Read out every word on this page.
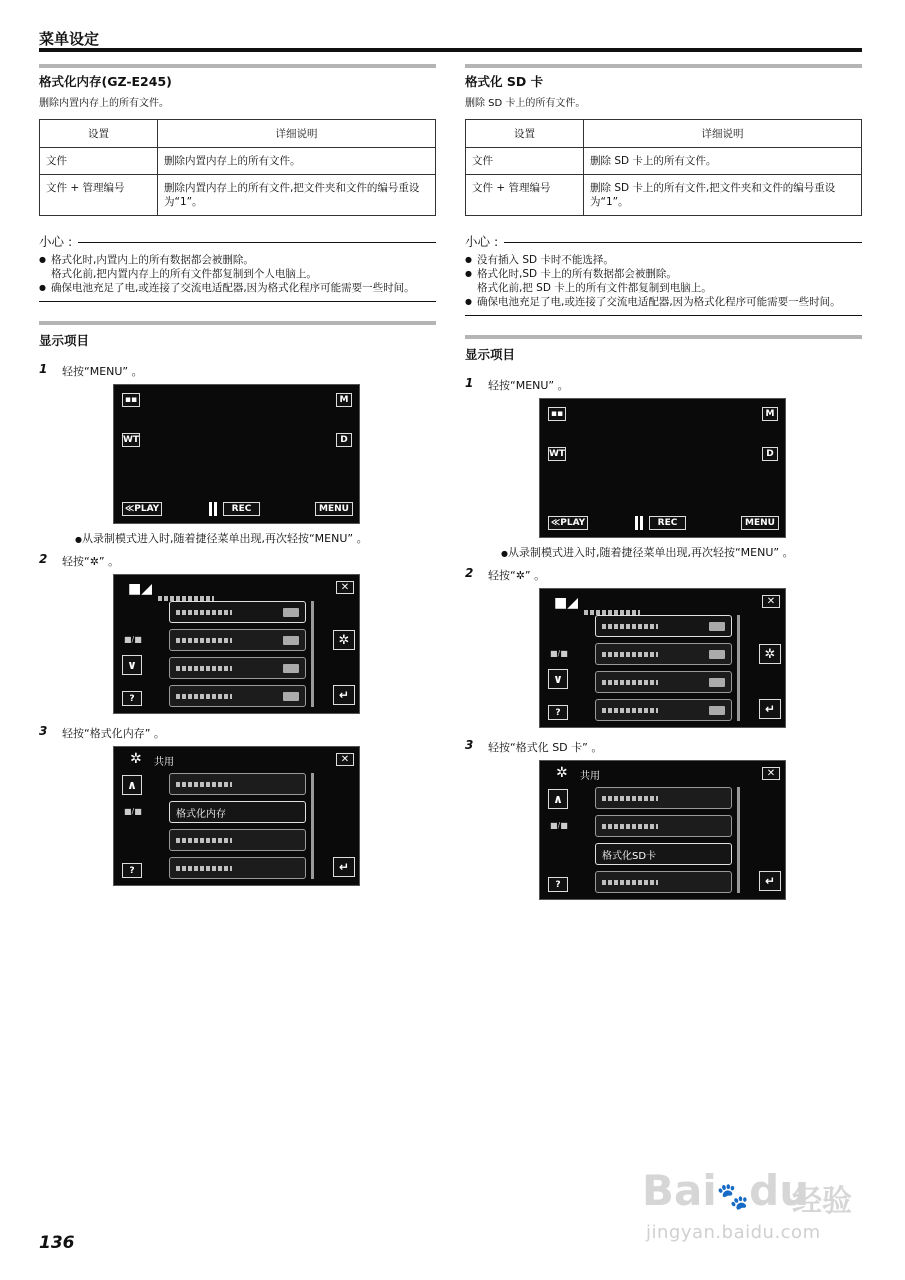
菜单设定
格式化内存(GZ-E245)
删除内置内存上的所有文件。
设置	详细说明
文件	删除内置内存上的所有文件。
文件 + 管理编号	删除内置内存上的所有文件,把文件夹和文件的编号重设为“1”。
小心 :
● 格式化时,内置内上的所有数据都会被删除。
格式化前,把内置内存上的所有文件都复制到个人电脑上。
● 确保电池充足了电,或连接了交流电适配器,因为格式化程序可能需要一些时间。
显示项目
1 轻按“MENU” 。
▪▪	M
WT	D
≪PLAY	REC	MENU
● 从录制模式进入时,随着捷径菜单出现,再次轻按“MENU” 。
2 轻按“✲” 。
■◢	✕
■/■
∨
?
✲
↵
3 轻按“格式化内存” 。
✲ 共用	✕
格式化内存
∧
■/■
?	↵
格式化 SD 卡
删除 SD 卡上的所有文件。
设置	详细说明
文件	删除 SD 卡上的所有文件。
文件 + 管理编号	删除 SD 卡上的所有文件,把文件夹和文件的编号重设为“1”。
小心 :
● 没有插入 SD 卡时不能选择。
● 格式化时,SD 卡上的所有数据都会被删除。
格式化前,把 SD 卡上的所有文件都复制到电脑上。
● 确保电池充足了电,或连接了交流电适配器,因为格式化程序可能需要一些时间。
显示项目
1 轻按“MENU” 。
▪▪	M
WT	D
≪PLAY	REC	MENU
● 从录制模式进入时,随着捷径菜单出现,再次轻按“MENU” 。
2 轻按“✲” 。
■◢	✕
■/■
∨
?
✲
↵
3 轻按“格式化 SD 卡” 。
✲ 共用	✕
格式化SD卡
∧
■/■
?	↵
136
Bai🐾du
经验
jingyan.baidu.com
